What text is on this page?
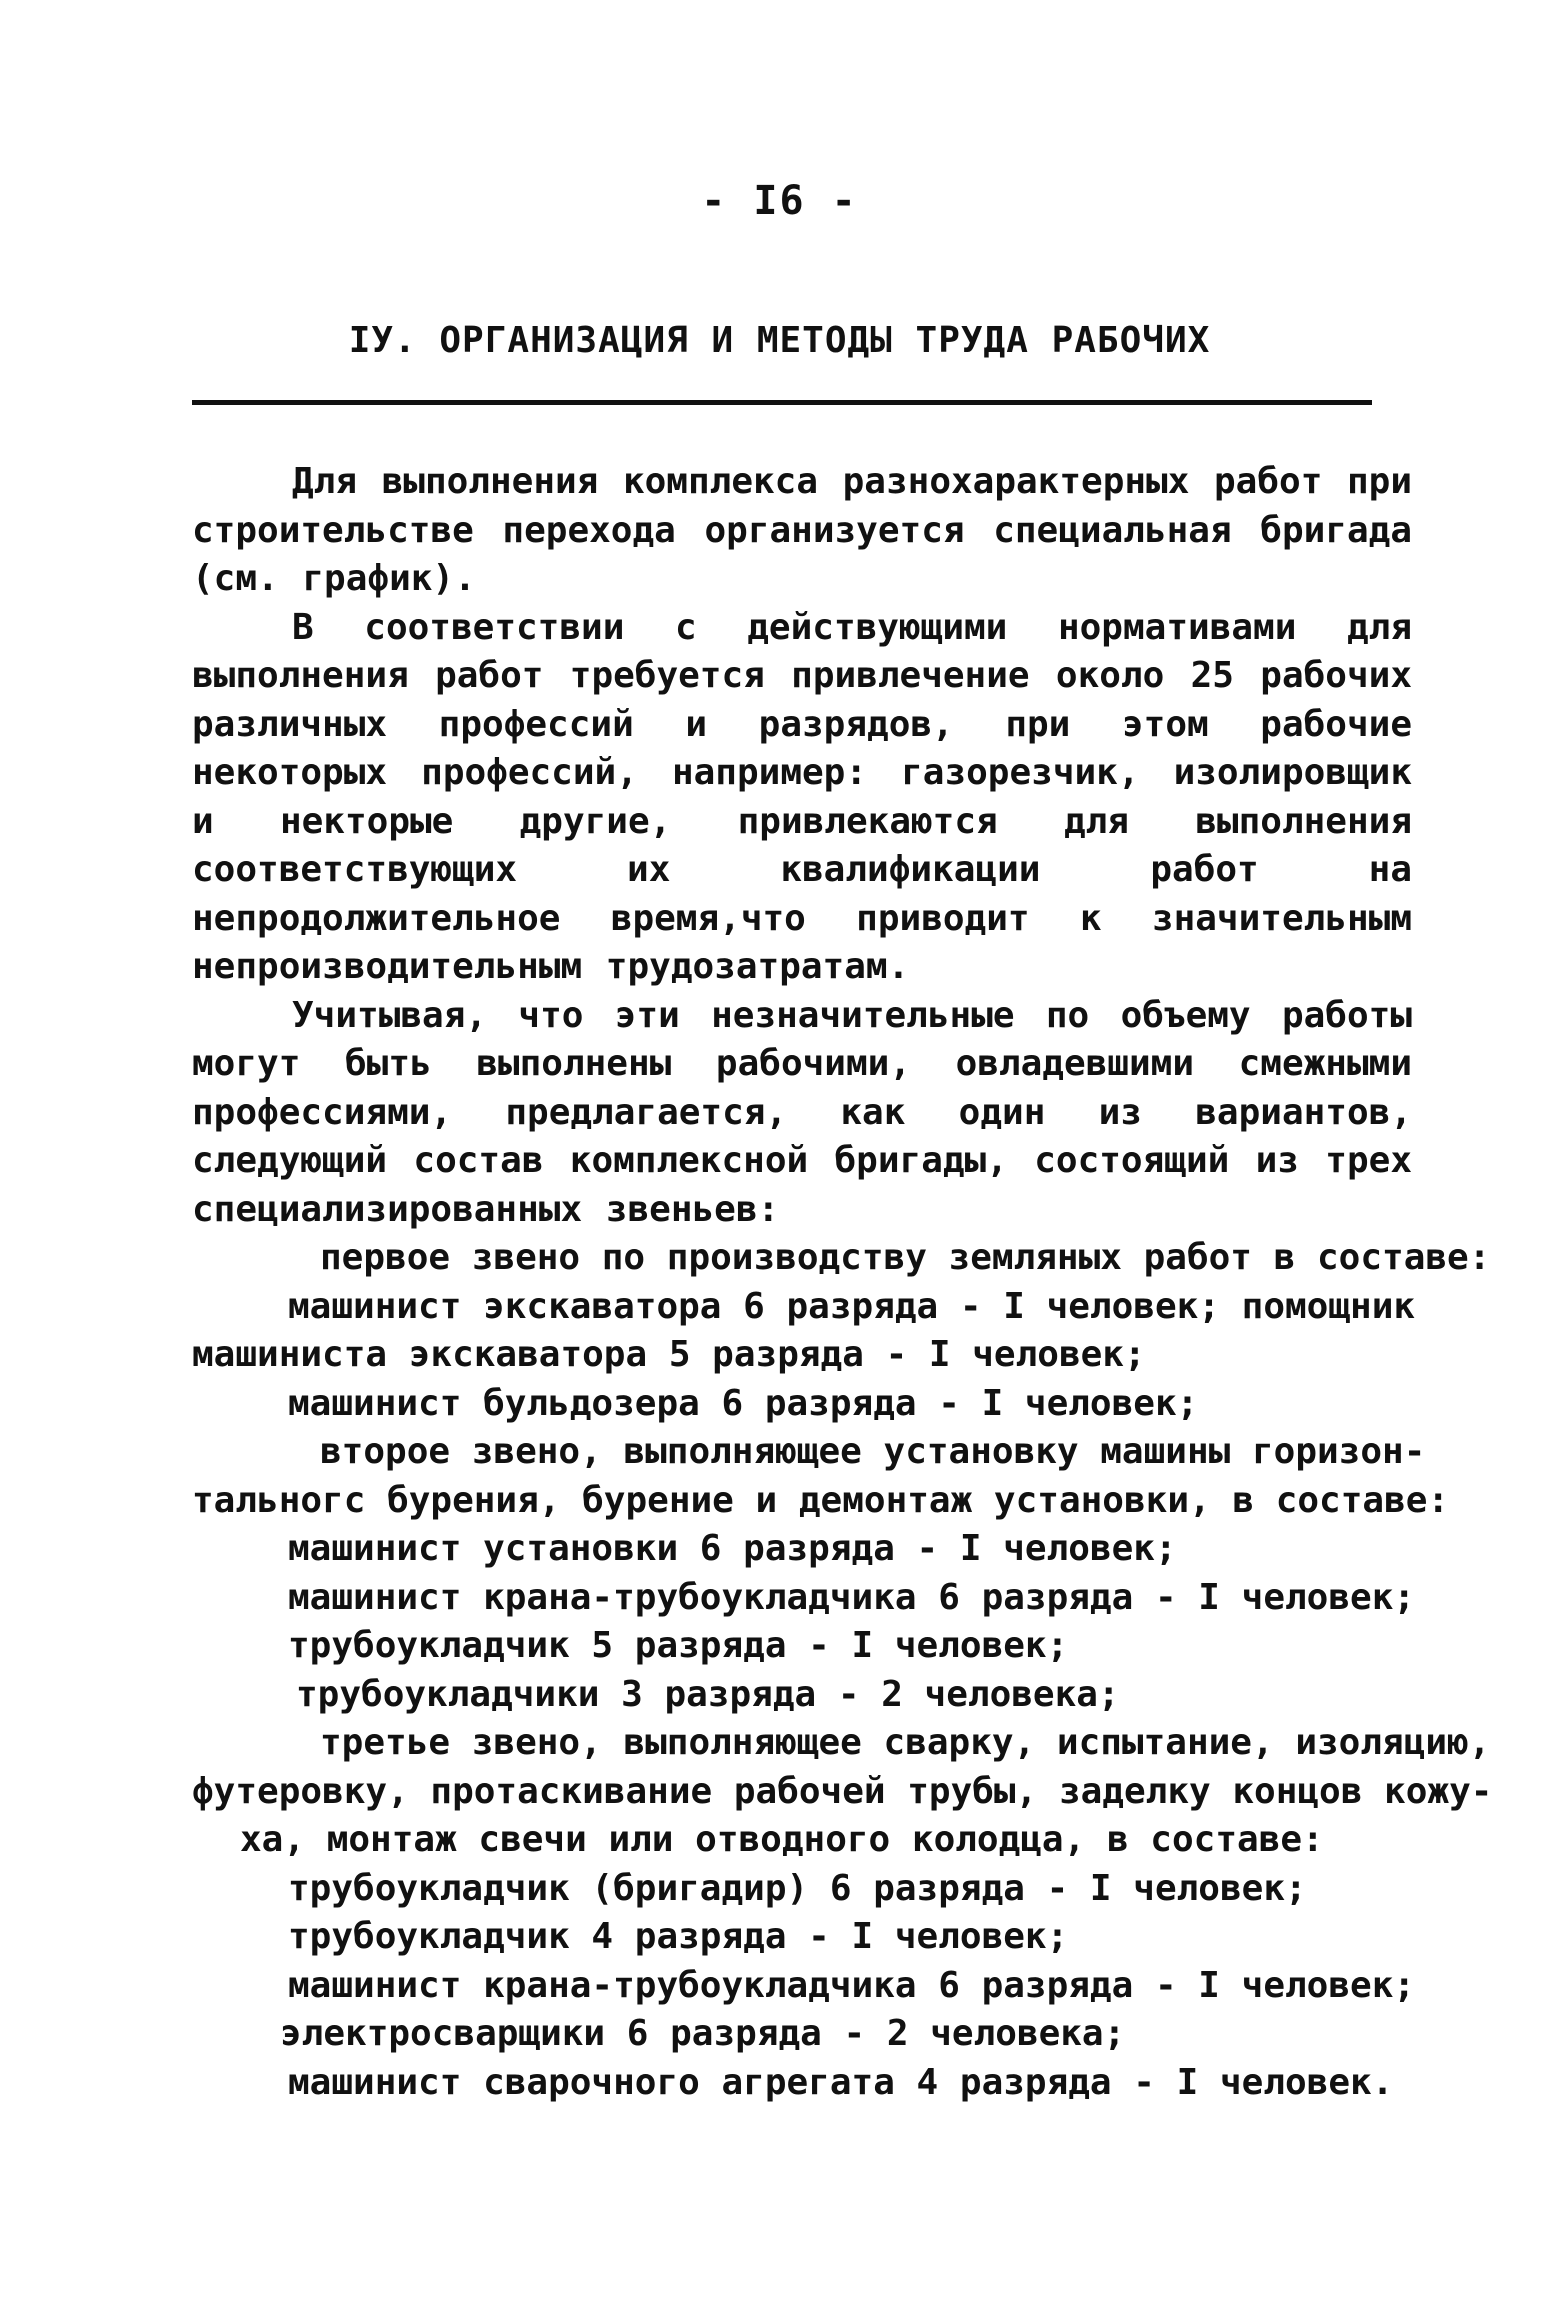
- I6 -
IУ. ОРГАНИЗАЦИЯ И МЕТОДЫ ТРУДА РАБОЧИХ

Для выполнения комплекса разнохарактерных работ при строительстве перехода организуется специальная бригада (см. график).

В соответствии с действующими нормативами для выполнения работ требуется привлечение около 25 рабочих различных профессий и разрядов, при этом рабочие некоторых профессий, например: газорезчик, изолировщик и некторые другие, привлекаются для выполнения соответствующих их квалификации работ на непродолжительное время,что приводит к значительным непроизводительным трудозатратам.

Учитывая, что эти незначительные по объему работы могут быть выполнены рабочими, овладевшими смежными профессиями, предлагается, как один из вариантов, следующий состав комплексной бригады, состоящий из трех специализированных звеньев:

первое звено по производству земляных работ в составе:

машинист экскаватора 6 разряда - I человек; помощник

машиниста экскаватора 5 разряда - I человек;

машинист бульдозера 6 разряда - I человек;

второе звено, выполняющее установку машины горизон-

тальногс бурения, бурение и демонтаж установки, в составе:

машинист установки 6 разряда - I человек;

машинист крана-трубоукладчика 6 разряда - I человек;

трубоукладчик 5 разряда - I человек;

трубоукладчики 3 разряда - 2 человека;

третье звено, выполняющее сварку, испытание, изоляцию,

футеровку, протаскивание рабочей трубы, заделку концов кожу-

ха, монтаж свечи или отводного колодца, в составе:

трубоукладчик (бригадир) 6 разряда - I человек;

трубоукладчик 4 разряда - I человек;

машинист крана-трубоукладчика 6 разряда - I человек;

электросварщики 6 разряда - 2 человека;

машинист сварочного агрегата 4 разряда - I человек.
